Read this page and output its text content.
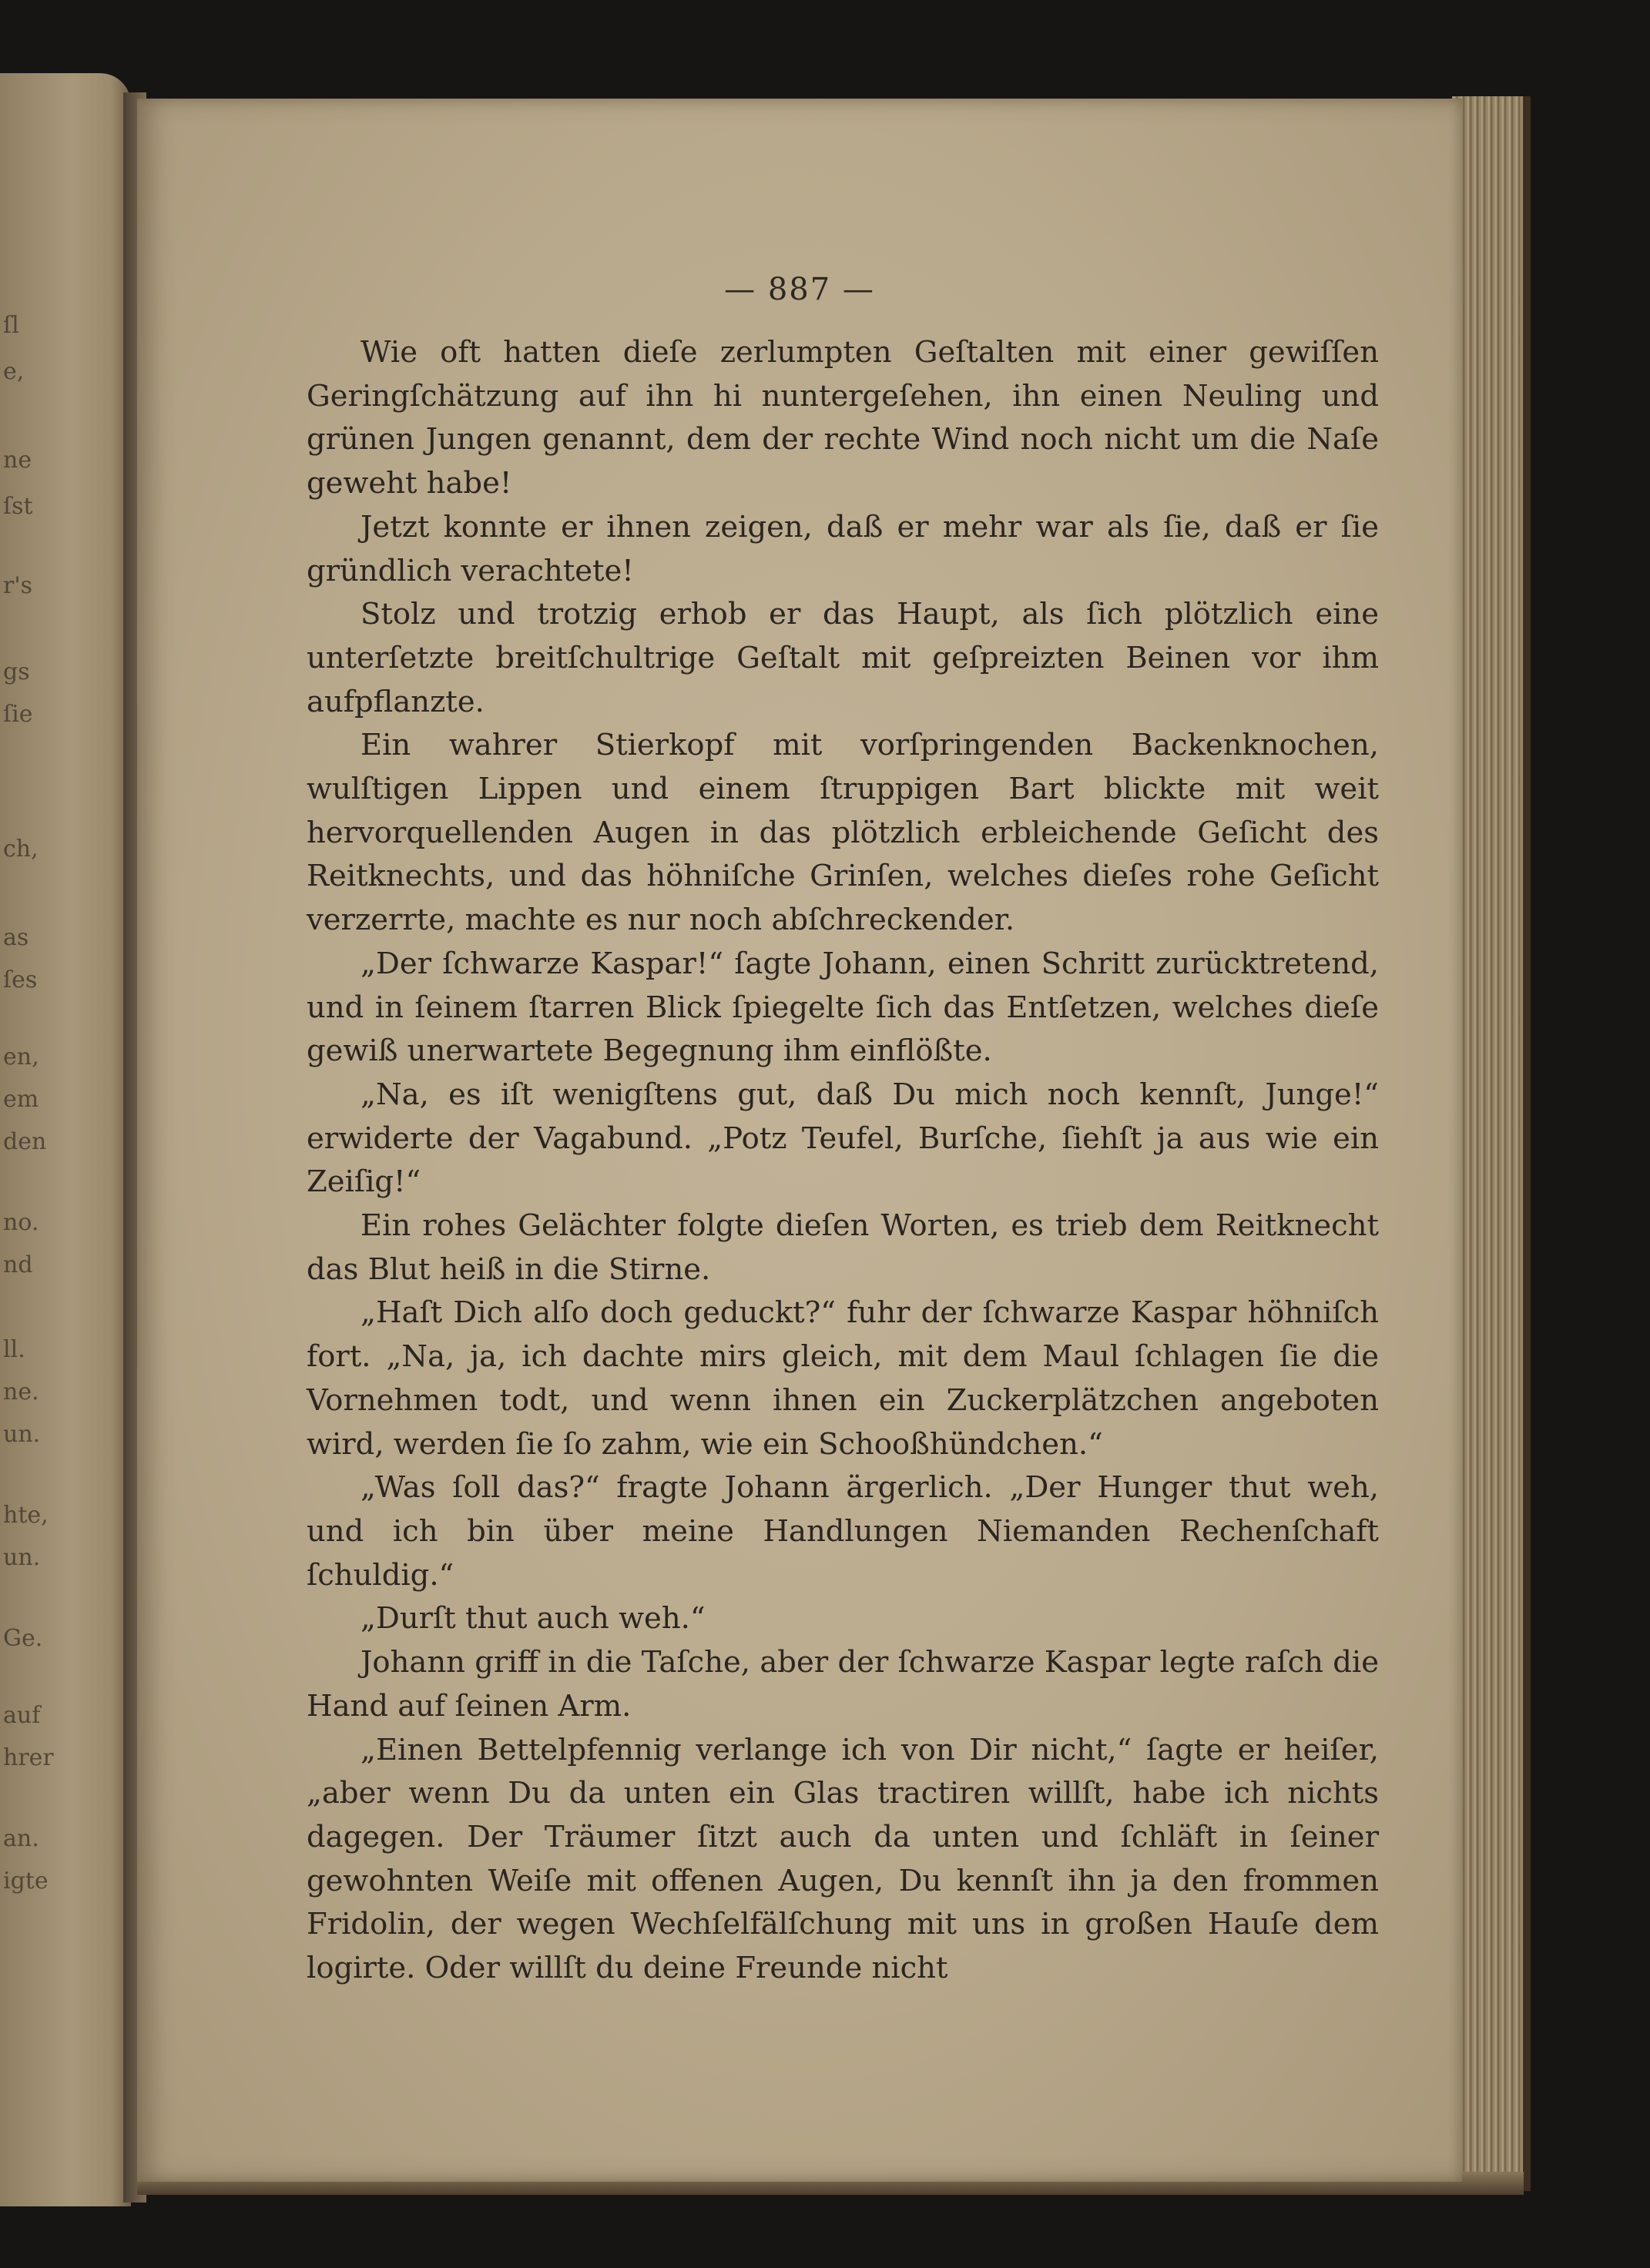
ſl
e,
ne
ſst
r's
gs
ſie
ch,
as
ſes
en,
em
den
no.
nd
ll.
ne.
un.
hte,
un.
Ge.
auf
hrer
an.
igte
— 887 —

Wie oft hatten dieſe zerlumpten Geſtalten mit einer gewiſſen Geringſchätzung auf ihn hi nuntergeſehen, ihn einen Neuling und grünen Jungen genannt, dem der rechte Wind noch nicht um die Naſe geweht habe!

Jetzt konnte er ihnen zeigen, daß er mehr war als ſie, daß er ſie gründlich verachtete!

Stolz und trotzig erhob er das Haupt, als ſich plötzlich eine unterſetzte breitſchultrige Geſtalt mit geſpreizten Beinen vor ihm aufpflanzte.

Ein wahrer Stierkopf mit vorſpringenden Backenknochen, wulſtigen Lippen und einem ſtruppigen Bart blickte mit weit hervorquellenden Augen in das plötzlich erbleichende Geſicht des Reitknechts, und das höhniſche Grinſen, welches dieſes rohe Geſicht verzerrte, machte es nur noch abſchreckender.

„Der ſchwarze Kaspar!“ ſagte Johann, einen Schritt zurücktretend, und in ſeinem ſtarren Blick ſpiegelte ſich das Entſetzen, welches dieſe gewiß unerwartete Begegnung ihm einflößte.

„Na, es iſt wenigſtens gut, daß Du mich noch kennſt, Junge!“ erwiderte der Vagabund. „Potz Teufel, Burſche, ſiehſt ja aus wie ein Zeiſig!“

Ein rohes Gelächter folgte dieſen Worten, es trieb dem Reitknecht das Blut heiß in die Stirne.

„Haſt Dich alſo doch geduckt?“ fuhr der ſchwarze Kaspar höhniſch fort. „Na, ja, ich dachte mirs gleich, mit dem Maul ſchlagen ſie die Vornehmen todt, und wenn ihnen ein Zuckerplätzchen angeboten wird, werden ſie ſo zahm, wie ein Schooßhündchen.“

„Was ſoll das?“ fragte Johann ärgerlich. „Der Hunger thut weh, und ich bin über meine Handlungen Niemanden Rechenſchaft ſchuldig.“

„Durſt thut auch weh.“

Johann griff in die Taſche, aber der ſchwarze Kaspar legte raſch die Hand auf ſeinen Arm.

„Einen Bettelpfennig verlange ich von Dir nicht,“ ſagte er heiſer, „aber wenn Du da unten ein Glas tractiren willſt, habe ich nichts dagegen. Der Träumer ſitzt auch da unten und ſchläft in ſeiner gewohnten Weiſe mit offenen Augen, Du kennſt ihn ja den frommen Fridolin, der wegen Wechſelfälſchung mit uns in großen Hauſe dem logirte. Oder willſt du deine Freunde nicht
